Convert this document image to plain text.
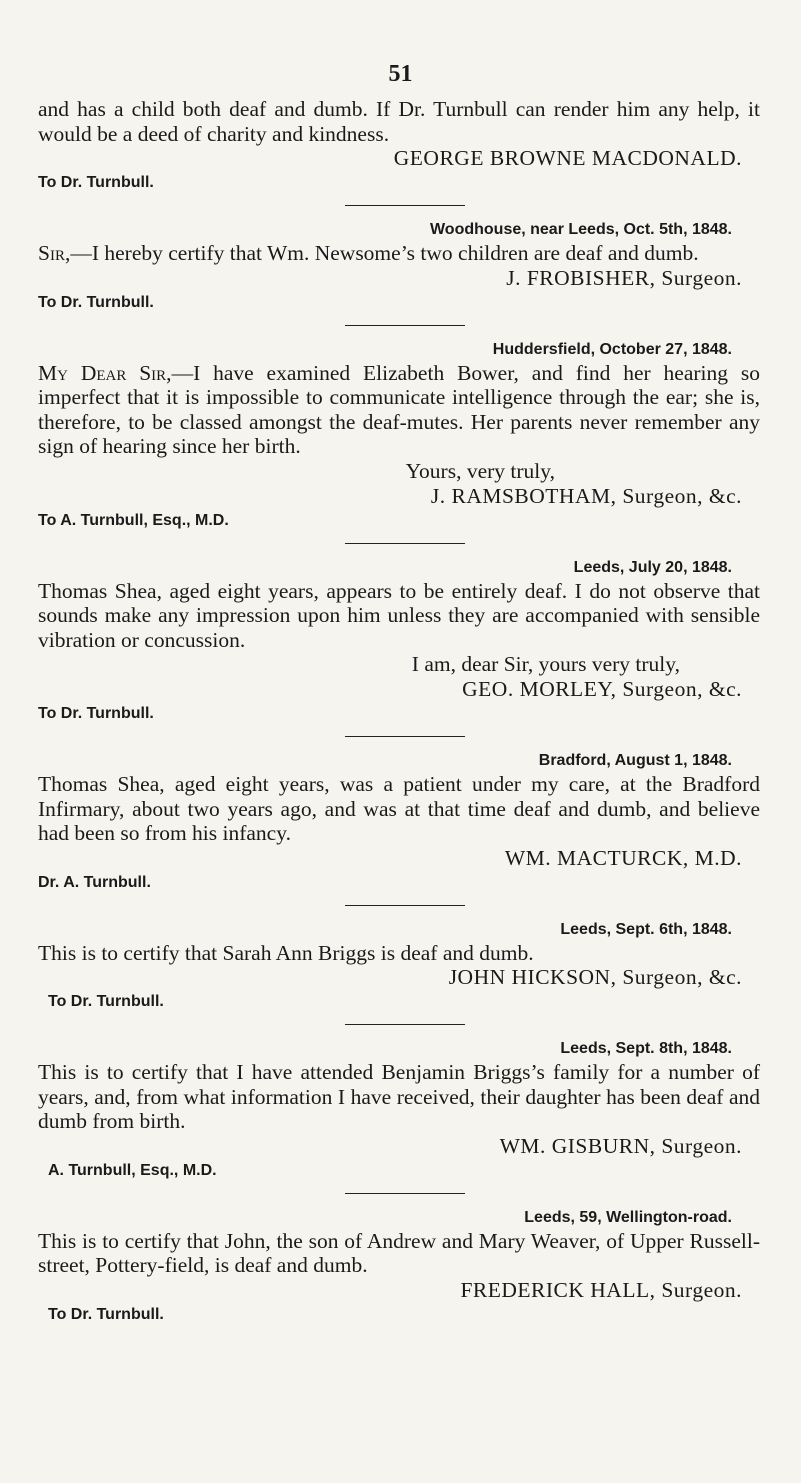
51

and has a child both deaf and dumb. If Dr. Turnbull can render him any help, it would be a deed of charity and kindness.

GEORGE BROWNE MACDONALD.

To Dr. Turnbull.

Woodhouse, near Leeds, Oct. 5th, 1848.

Sir,—I hereby certify that Wm. Newsome’s two children are deaf and dumb.

J. FROBISHER, Surgeon.

To Dr. Turnbull.

Huddersfield, October 27, 1848.

My Dear Sir,—I have examined Elizabeth Bower, and find her hearing so imperfect that it is impossible to communicate intelligence through the ear; she is, therefore, to be classed amongst the deaf-mutes. Her parents never remember any sign of hearing since her birth.

Yours, very truly,

J. RAMSBOTHAM, Surgeon, &c.

To A. Turnbull, Esq., M.D.

Leeds, July 20, 1848.

Thomas Shea, aged eight years, appears to be entirely deaf. I do not observe that sounds make any impression upon him unless they are accompanied with sensible vibration or concussion.

I am, dear Sir, yours very truly,

GEO. MORLEY, Surgeon, &c.

To Dr. Turnbull.

Bradford, August 1, 1848.

Thomas Shea, aged eight years, was a patient under my care, at the Bradford Infirmary, about two years ago, and was at that time deaf and dumb, and believe had been so from his infancy.

WM. MACTURCK, M.D.

Dr. A. Turnbull.

Leeds, Sept. 6th, 1848.

This is to certify that Sarah Ann Briggs is deaf and dumb.

JOHN HICKSON, Surgeon, &c.

To Dr. Turnbull.

Leeds, Sept. 8th, 1848.

This is to certify that I have attended Benjamin Briggs’s family for a number of years, and, from what information I have received, their daughter has been deaf and dumb from birth.

WM. GISBURN, Surgeon.

A. Turnbull, Esq., M.D.

Leeds, 59, Wellington-road.

This is to certify that John, the son of Andrew and Mary Weaver, of Upper Russell-street, Pottery-field, is deaf and dumb.

FREDERICK HALL, Surgeon.

To Dr. Turnbull.
